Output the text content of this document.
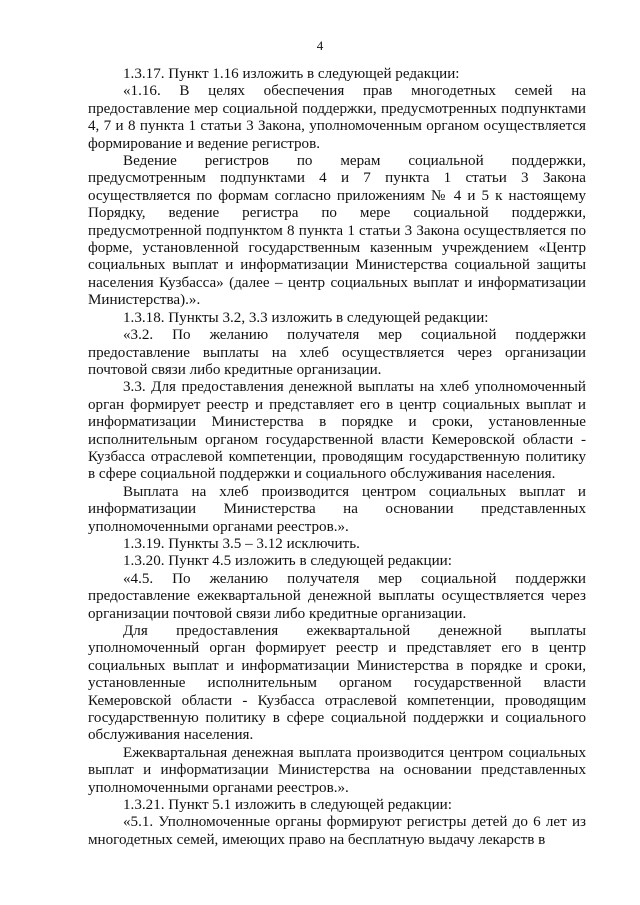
4

1.3.17. Пункт 1.16 изложить в следующей редакции:

«1.16. В целях обеспечения прав многодетных семей на предоставление мер социальной поддержки, предусмотренных подпунктами 4, 7 и 8 пункта 1 статьи 3 Закона, уполномоченным органом осуществляется формирование и ведение регистров.

Ведение регистров по мерам социальной поддержки, предусмотренным подпунктами 4 и 7 пункта 1 статьи 3 Закона осуществляется по формам согласно приложениям № 4 и 5 к настоящему Порядку, ведение регистра по мере социальной поддержки, предусмотренной подпунктом 8 пункта 1 статьи 3 Закона осуществляется по форме, установленной государственным казенным учреждением «Центр социальных выплат и информатизации Министерства социальной защиты населения Кузбасса» (далее – центр социальных выплат и информатизации Министерства).».

1.3.18. Пункты 3.2, 3.3 изложить в следующей редакции:

«3.2. По желанию получателя мер социальной поддержки предоставление выплаты на хлеб осуществляется через организации почтовой связи либо кредитные организации.

3.3. Для предоставления денежной выплаты на хлеб уполномоченный орган формирует реестр и представляет его в центр социальных выплат и информатизации Министерства в порядке и сроки, установленные исполнительным органом государственной власти Кемеровской области - Кузбасса отраслевой компетенции, проводящим государственную политику в сфере социальной поддержки и социального обслуживания населения.

Выплата на хлеб производится центром социальных выплат и информатизации Министерства на основании представленных уполномоченными органами реестров.».

1.3.19. Пункты 3.5 – 3.12 исключить.

1.3.20. Пункт 4.5 изложить в следующей редакции:

«4.5. По желанию получателя мер социальной поддержки предоставление ежеквартальной денежной выплаты осуществляется через организации почтовой связи либо кредитные организации.

Для предоставления ежеквартальной денежной выплаты уполномоченный орган формирует реестр и представляет его в центр социальных выплат и информатизации Министерства в порядке и сроки, установленные исполнительным органом государственной власти Кемеровской области - Кузбасса отраслевой компетенции, проводящим государственную политику в сфере социальной поддержки и социального обслуживания населения.

Ежеквартальная денежная выплата производится центром социальных выплат и информатизации Министерства на основании представленных уполномоченными органами реестров.».

1.3.21. Пункт 5.1 изложить в следующей редакции:

«5.1. Уполномоченные органы формируют регистры детей до 6 лет из многодетных семей, имеющих право на бесплатную выдачу лекарств в
